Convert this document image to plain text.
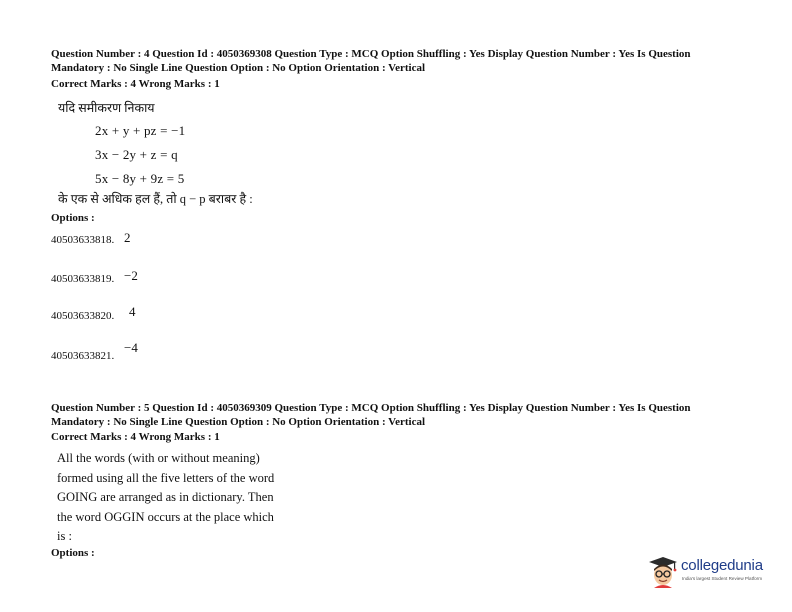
Question Number : 4 Question Id : 4050369308 Question Type : MCQ Option Shuffling : Yes Display Question Number : Yes Is Question
Mandatory : No Single Line Question Option : No Option Orientation : Vertical
Correct Marks : 4 Wrong Marks : 1
यदि समीकरण निकाय
2x + y + pz = −1
3x − 2y + z = q
5x − 8y + 9z = 5
के एक से अधिक हल हैं, तो q − p बराबर है :
Options :
40503633818. 2
40503633819. −2
40503633820. 4
40503633821.
−4
Question Number : 5 Question Id : 4050369309 Question Type : MCQ Option Shuffling : Yes Display Question Number : Yes Is Question
Mandatory : No Single Line Question Option : No Option Orientation : Vertical
Correct Marks : 4 Wrong Marks : 1
All the words (with or without meaning)
formed using all the five letters of the word
GOING are arranged as in dictionary. Then
the word OGGIN occurs at the place which
is :
Options :
collegedunia
India's largest Student Review Platform
